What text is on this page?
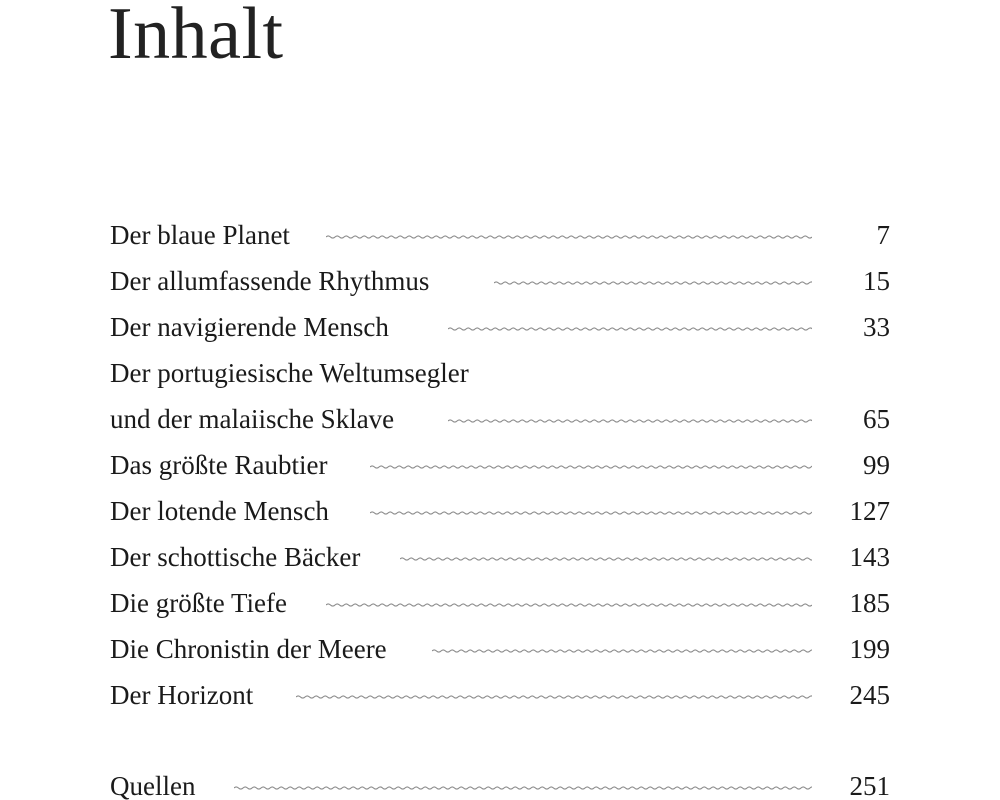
Inhalt
Der blaue Planet	7
Der allumfassende Rhythmus	15
Der navigierende Mensch	33
Der portugiesische Weltumsegler
und der malaiische Sklave	65
Das größte Raubtier	99
Der lotende Mensch	127
Der schottische Bäcker	143
Die größte Tiefe	185
Die Chronistin der Meere	199
Der Horizont	245
Quellen	251
